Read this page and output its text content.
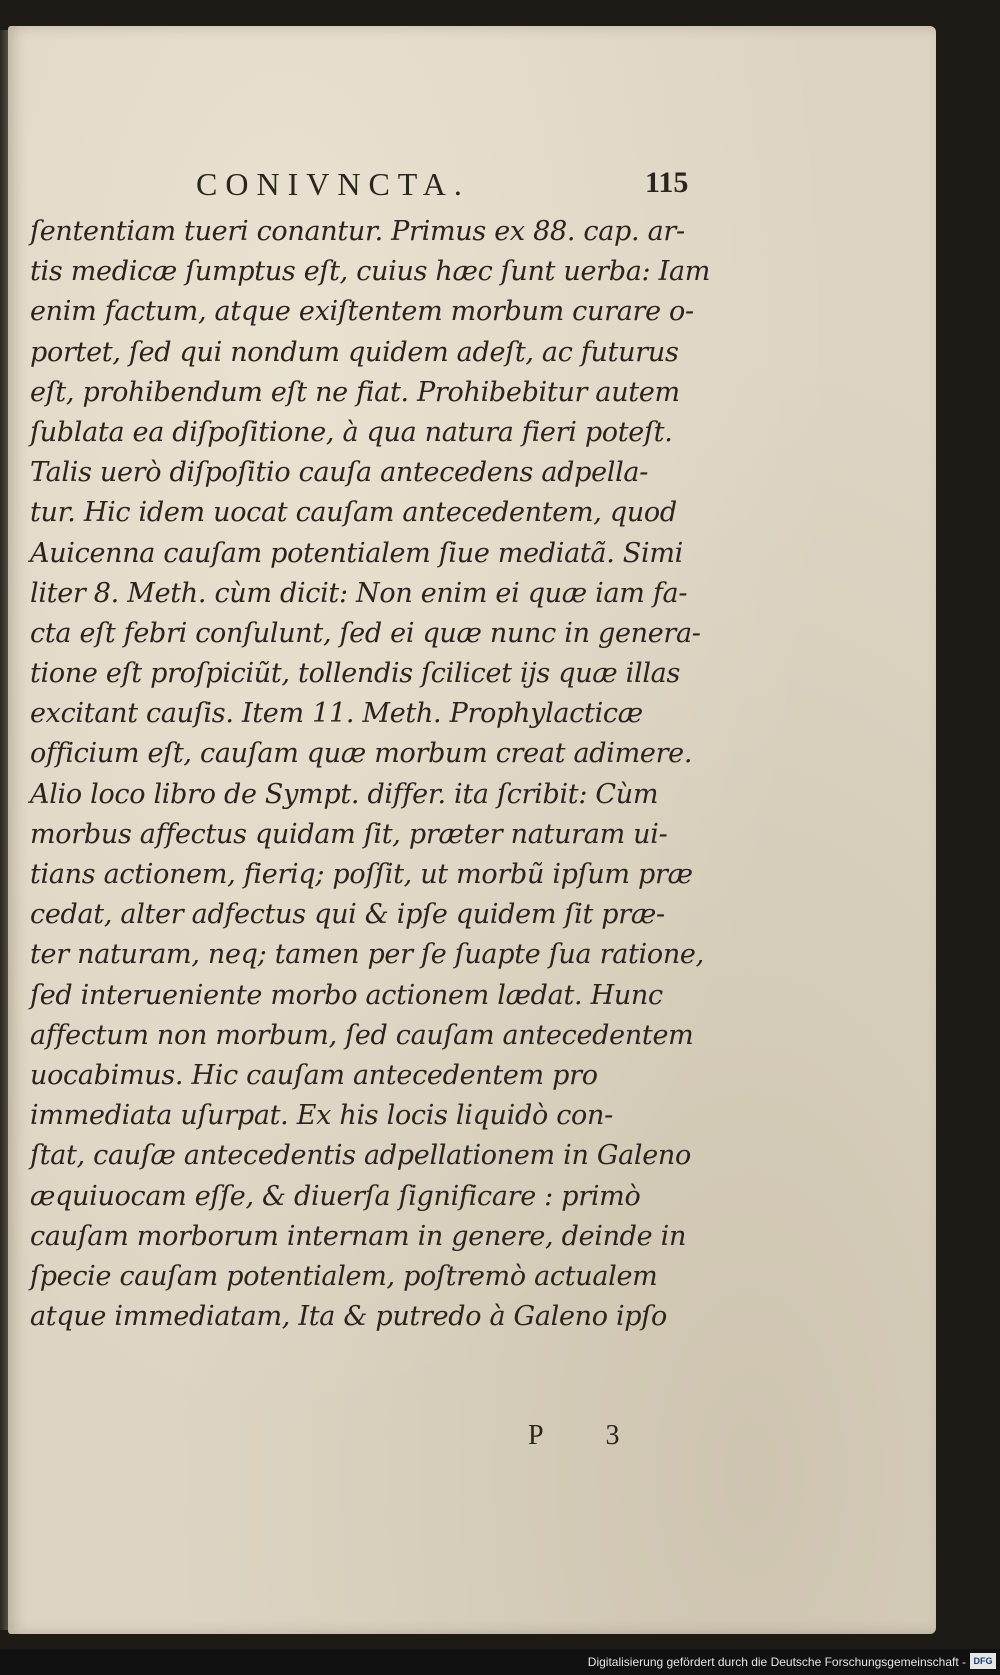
CONIVNCTA.	115
ſententiam tueri conantur. Primus ex 88. cap. ar-
tis medicæ ſumptus eſt, cuius hæc ſunt uerba: Iam
enim factum, atque exiſtentem morbum curare o-
portet, ſed qui nondum quidem adeſt, ac futurus
eſt, prohibendum eſt ne fiat. Prohibebitur autem
ſublata ea diſpoſitione, à qua natura fieri poteſt.
Talis uerò diſpoſitio cauſa antecedens adpella-
tur. Hic idem uocat cauſam antecedentem, quod
Auicenna cauſam potentialem ſiue mediatã. Simi
liter 8. Meth. cùm dicit: Non enim ei quæ iam fa-
cta eſt febri conſulunt, ſed ei quæ nunc in genera-
tione eſt proſpiciũt, tollendis ſcilicet ijs quæ illas
excitant cauſis. Item 11. Meth. Prophylacticæ
officium eſt, cauſam quæ morbum creat adimere.
Alio loco libro de Sympt. differ. ita ſcribit: Cùm
morbus affectus quidam ſit, præter naturam ui-
tians actionem, fieriq; poſſit, ut morbũ ipſum præ
cedat, alter adfectus qui & ipſe quidem ſit præ-
ter naturam, neq; tamen per ſe ſuapte ſua ratione,
ſed interueniente morbo actionem lædat. Hunc
affectum non morbum, ſed cauſam antecedentem
uocabimus. Hic cauſam antecedentem pro
immediata uſurpat. Ex his locis liquidò con-
ſtat, cauſæ antecedentis adpellationem in Galeno
æquiuocam eſſe, & diuerſa ſignificare : primò
cauſam morborum internam in genere, deinde in
ſpecie cauſam potentialem, poſtremò actualem
atque immediatam, Ita & putredo à Galeno ipſo
P 3
Digitalisierung gefördert durch die Deutsche Forschungsgemeinschaft - DFG
